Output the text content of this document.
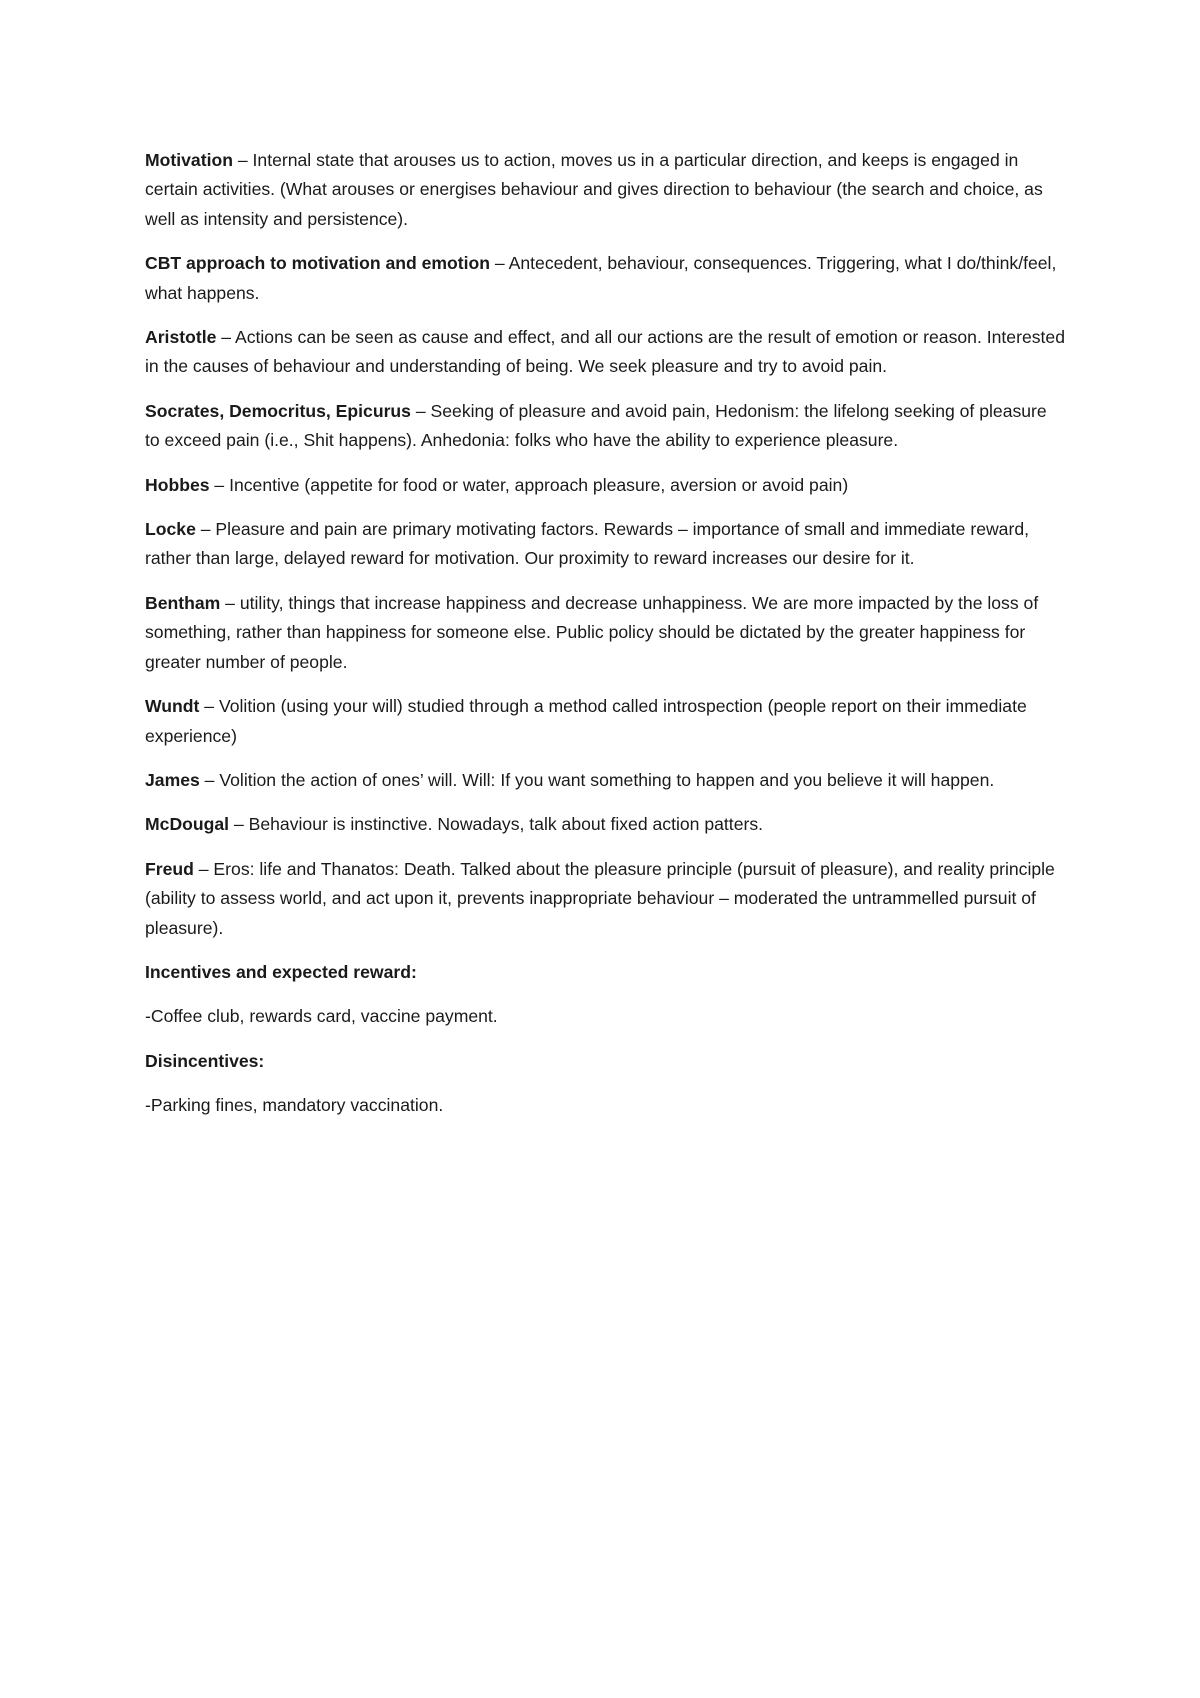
Motivation – Internal state that arouses us to action, moves us in a particular direction, and keeps is engaged in certain activities. (What arouses or energises behaviour and gives direction to behaviour (the search and choice, as well as intensity and persistence).

CBT approach to motivation and emotion – Antecedent, behaviour, consequences. Triggering, what I do/think/feel, what happens.

Aristotle – Actions can be seen as cause and effect, and all our actions are the result of emotion or reason. Interested in the causes of behaviour and understanding of being. We seek pleasure and try to avoid pain.

Socrates, Democritus, Epicurus – Seeking of pleasure and avoid pain, Hedonism: the lifelong seeking of pleasure to exceed pain (i.e., Shit happens). Anhedonia: folks who have the ability to experience pleasure.

Hobbes – Incentive (appetite for food or water, approach pleasure, aversion or avoid pain)

Locke – Pleasure and pain are primary motivating factors. Rewards – importance of small and immediate reward, rather than large, delayed reward for motivation. Our proximity to reward increases our desire for it.

Bentham – utility, things that increase happiness and decrease unhappiness. We are more impacted by the loss of something, rather than happiness for someone else. Public policy should be dictated by the greater happiness for greater number of people.

Wundt – Volition (using your will) studied through a method called introspection (people report on their immediate experience)

James – Volition the action of ones’ will. Will: If you want something to happen and you believe it will happen.

McDougal – Behaviour is instinctive. Nowadays, talk about fixed action patters.

Freud – Eros: life and Thanatos: Death. Talked about the pleasure principle (pursuit of pleasure), and reality principle (ability to assess world, and act upon it, prevents inappropriate behaviour – moderated the untrammelled pursuit of pleasure).

Incentives and expected reward:

-Coffee club, rewards card, vaccine payment.

Disincentives:

-Parking fines, mandatory vaccination.
